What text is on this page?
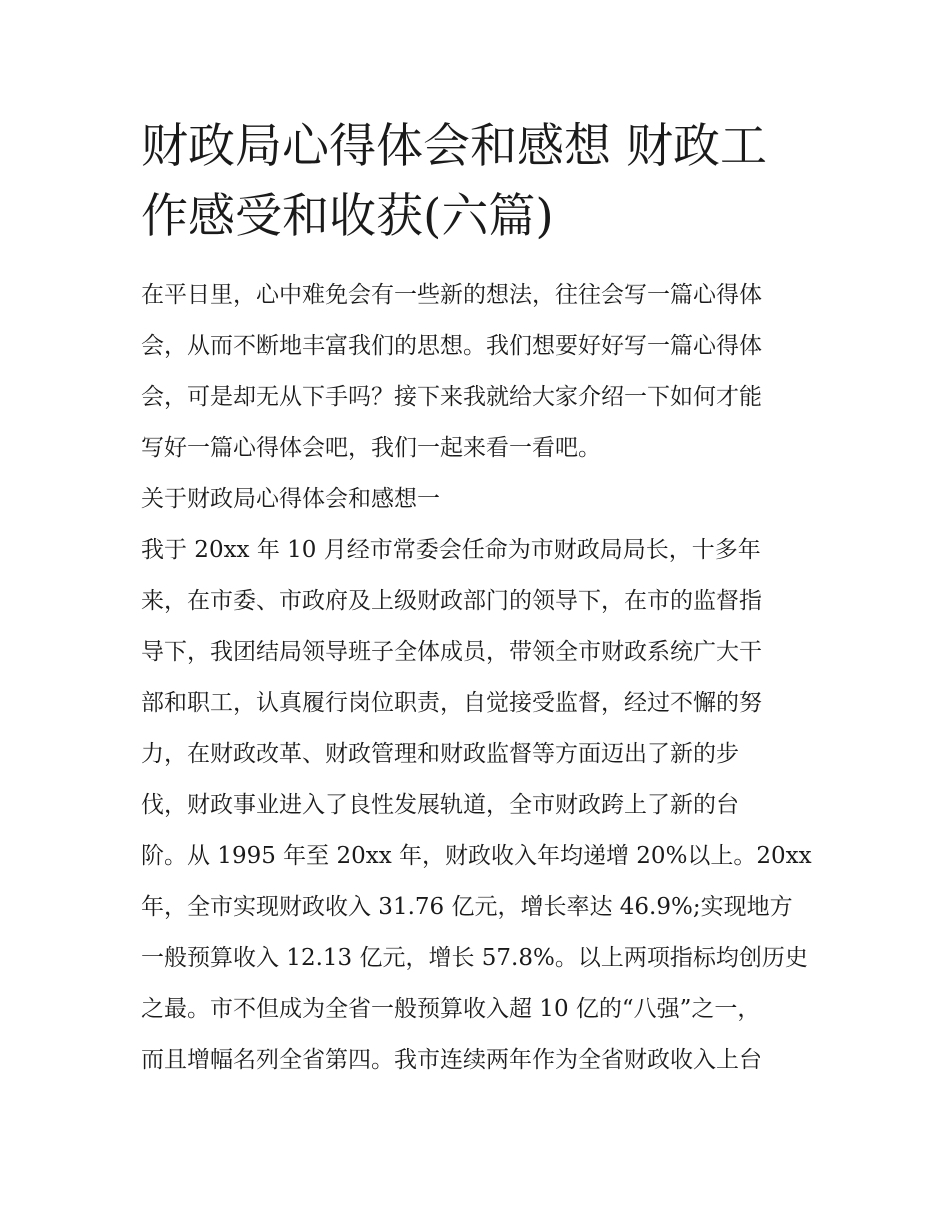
财政局心得体会和感想 财政工
作感受和收获(六篇)
在平日里，心中难免会有一些新的想法，往往会写一篇心得体
会，从而不断地丰富我们的思想。我们想要好好写一篇心得体
会，可是却无从下手吗？接下来我就给大家介绍一下如何才能
写好一篇心得体会吧，我们一起来看一看吧。
关于财政局心得体会和感想一
我于 20xx 年 10 月经市常委会任命为市财政局局长，十多年
来，在市委、市政府及上级财政部门的领导下，在市的监督指
导下，我团结局领导班子全体成员，带领全市财政系统广大干
部和职工，认真履行岗位职责，自觉接受监督，经过不懈的努
力，在财政改革、财政管理和财政监督等方面迈出了新的步
伐，财政事业进入了良性发展轨道，全市财政跨上了新的台
阶。从 1995 年至 20xx 年，财政收入年均递增 20%以上。20xx
年，全市实现财政收入 31.76 亿元，增长率达 46.9%;实现地方
一般预算收入 12.13 亿元，增长 57.8%。以上两项指标均创历史
之最。市不但成为全省一般预算收入超 10 亿的“八强”之一，
而且增幅名列全省第四。我市连续两年作为全省财政收入上台
